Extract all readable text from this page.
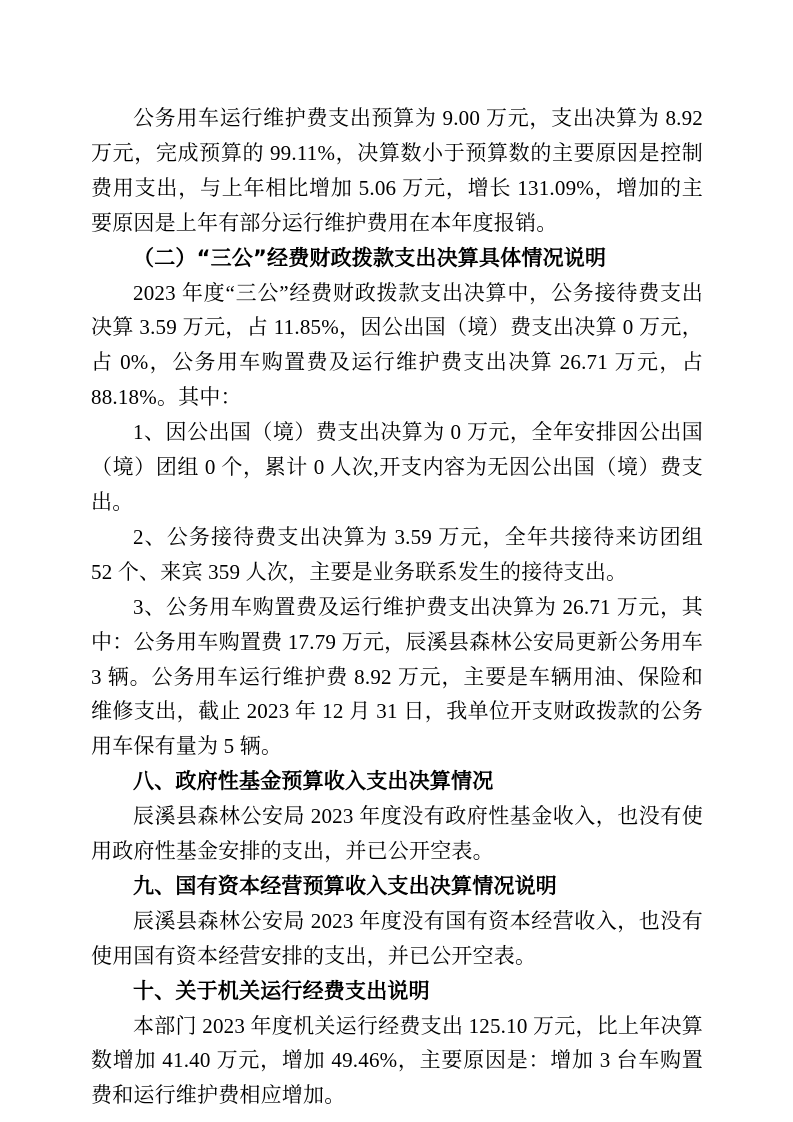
公务用车运行维护费支出预算为 9.00 万元，支出决算为 8.92 万元，完成预算的 99.11%，决算数小于预算数的主要原因是控制费用支出，与上年相比增加 5.06 万元，增长 131.09%，增加的主要原因是上年有部分运行维护费用在本年度报销。

（二）“三公”经费财政拨款支出决算具体情况说明

2023 年度“三公”经费财政拨款支出决算中，公务接待费支出决算 3.59 万元，占 11.85%，因公出国（境）费支出决算 0 万元，占 0%，公务用车购置费及运行维护费支出决算 26.71 万元，占 88.18%。其中：

1、因公出国（境）费支出决算为 0 万元，全年安排因公出国（境）团组 0 个，累计 0 人次,开支内容为无因公出国（境）费支出。

2、公务接待费支出决算为 3.59 万元，全年共接待来访团组 52 个、来宾 359 人次，主要是业务联系发生的接待支出。

3、公务用车购置费及运行维护费支出决算为 26.71 万元，其中：公务用车购置费 17.79 万元，辰溪县森林公安局更新公务用车 3 辆。公务用车运行维护费 8.92 万元，主要是车辆用油、保险和维修支出，截止 2023 年 12 月 31 日，我单位开支财政拨款的公务用车保有量为 5 辆。

八、政府性基金预算收入支出决算情况

辰溪县森林公安局 2023 年度没有政府性基金收入，也没有使用政府性基金安排的支出，并已公开空表。

九、国有资本经营预算收入支出决算情况说明

辰溪县森林公安局 2023 年度没有国有资本经营收入，也没有使用国有资本经营安排的支出，并已公开空表。

十、关于机关运行经费支出说明

本部门 2023 年度机关运行经费支出 125.10 万元，比上年决算数增加 41.40 万元，增加 49.46%，主要原因是：增加 3 台车购置费和运行维护费相应增加。
